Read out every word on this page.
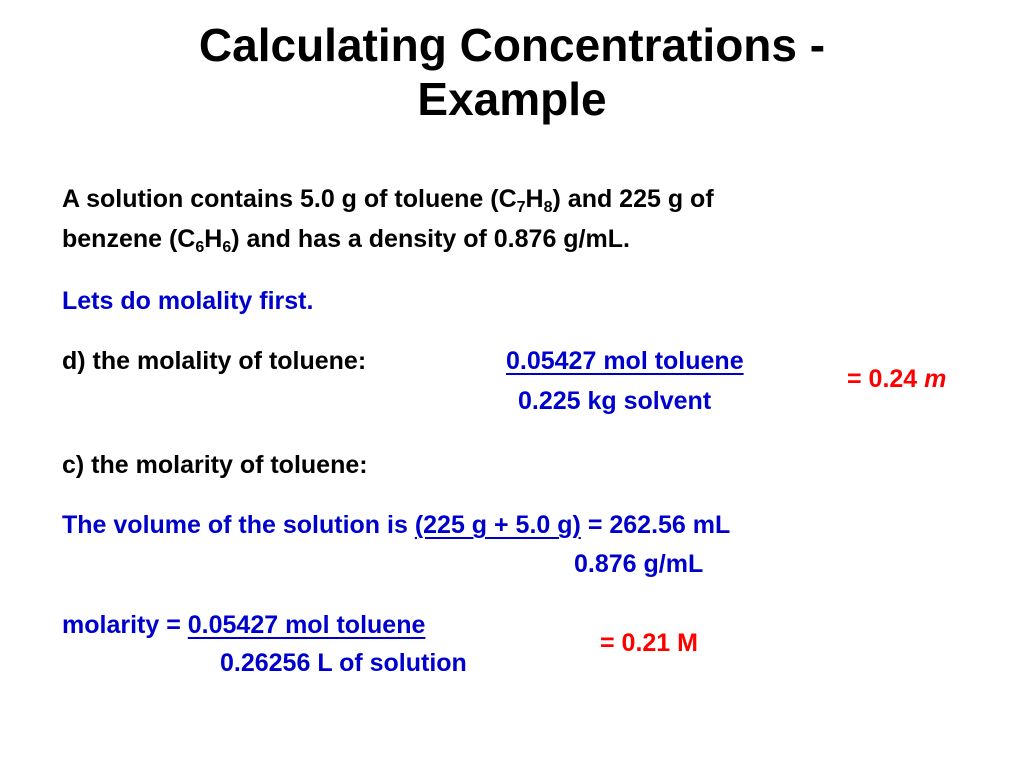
Calculating Concentrations -
Example
A solution contains 5.0 g of toluene $(C_7H_8)$ and 225 g of
benzene $(C_6H_6)$ and has a density of 0.876 g/mL.
Lets do molality first.
d) the molality of toluene:	0.05427 mol toluene
0.225 kg solvent
= 0.24 m
c) the molarity of toluene:
The volume of the solution is (225 g + 5.0 g) = 262.56 mL
0.876 g/mL
molarity = 0.05427 mol toluene
0.26256 L of solution
= 0.21 M
